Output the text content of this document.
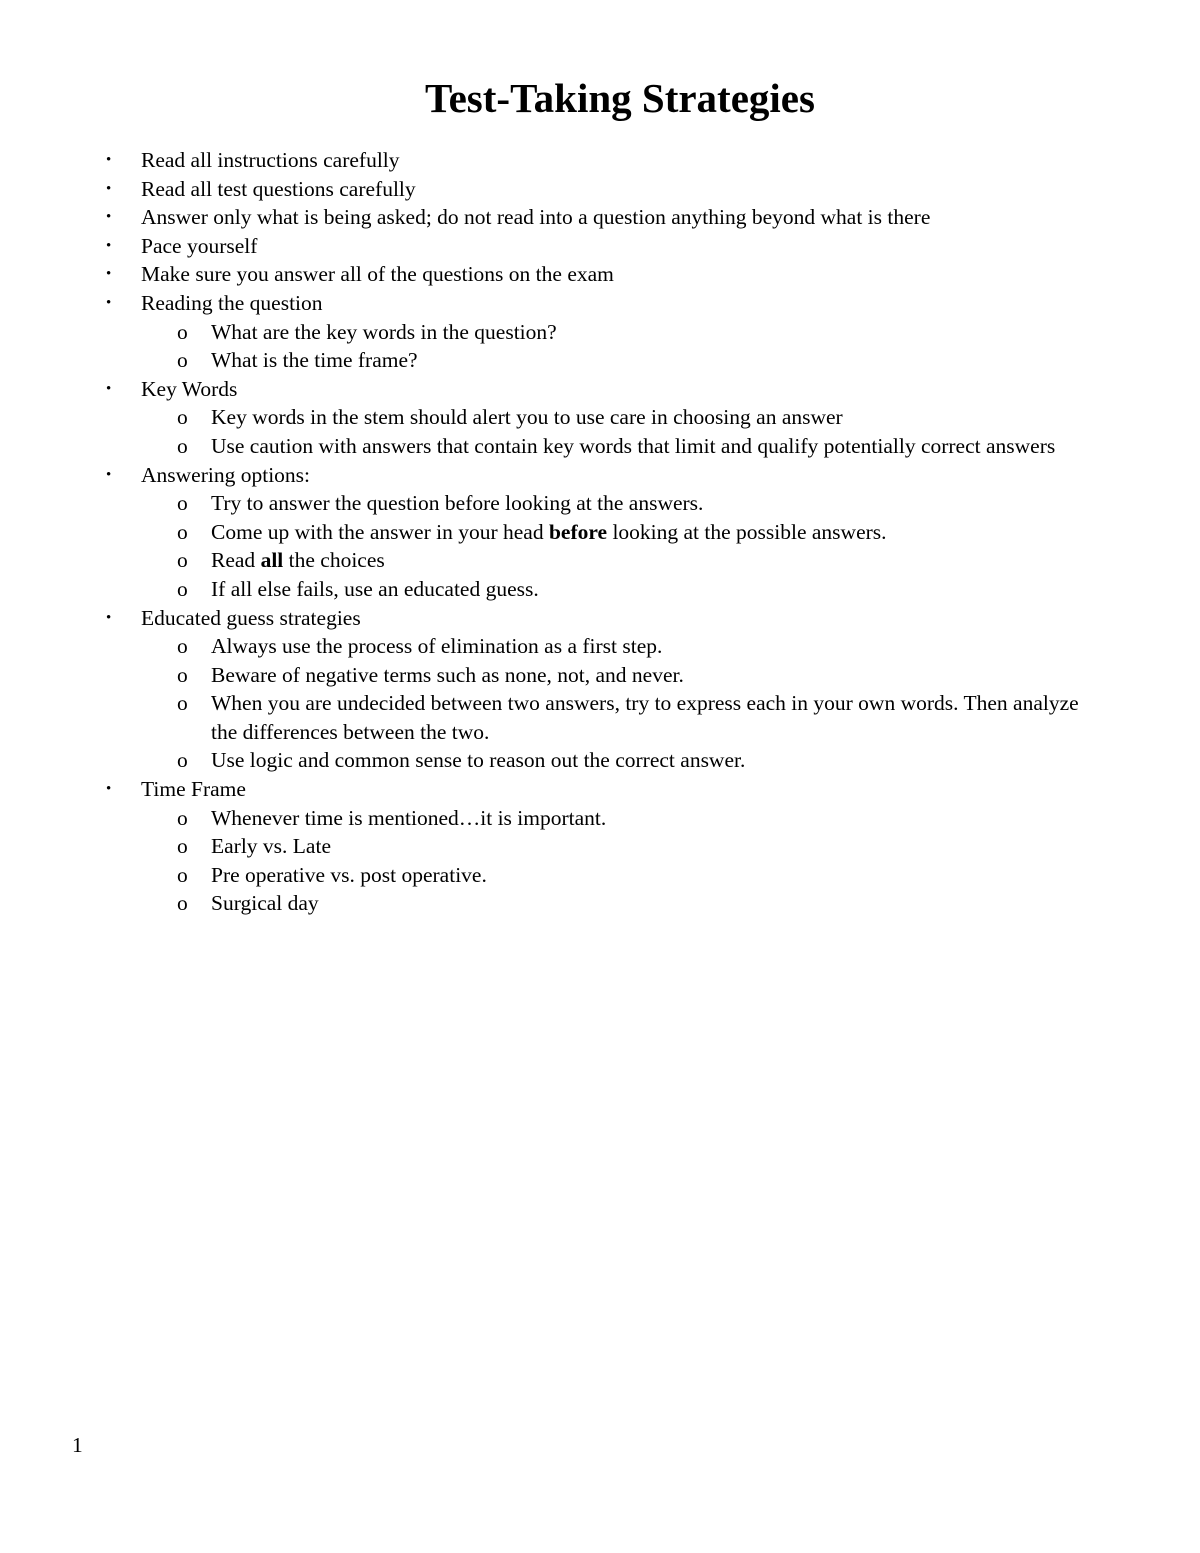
Test-Taking Strategies
• Read all instructions carefully
• Read all test questions carefully
• Answer only what is being asked; do not read into a question anything beyond what is there
• Pace yourself
• Make sure you answer all of the questions on the exam
• Reading the question
o What are the key words in the question?
o What is the time frame?
• Key Words
o Key words in the stem should alert you to use care in choosing an answer
o Use caution with answers that contain key words that limit and qualify potentially correct answers
• Answering options:
o Try to answer the question before looking at the answers.
o Come up with the answer in your head before looking at the possible answers.
o Read all the choices
o If all else fails, use an educated guess.
• Educated guess strategies
o Always use the process of elimination as a first step.
o Beware of negative terms such as none, not, and never.
o When you are undecided between two answers, try to express each in your own words. Then analyze the differences between the two.
o Use logic and common sense to reason out the correct answer.
• Time Frame
o Whenever time is mentioned…it is important.
o Early vs. Late
o Pre operative vs. post operative.
o Surgical day
1
